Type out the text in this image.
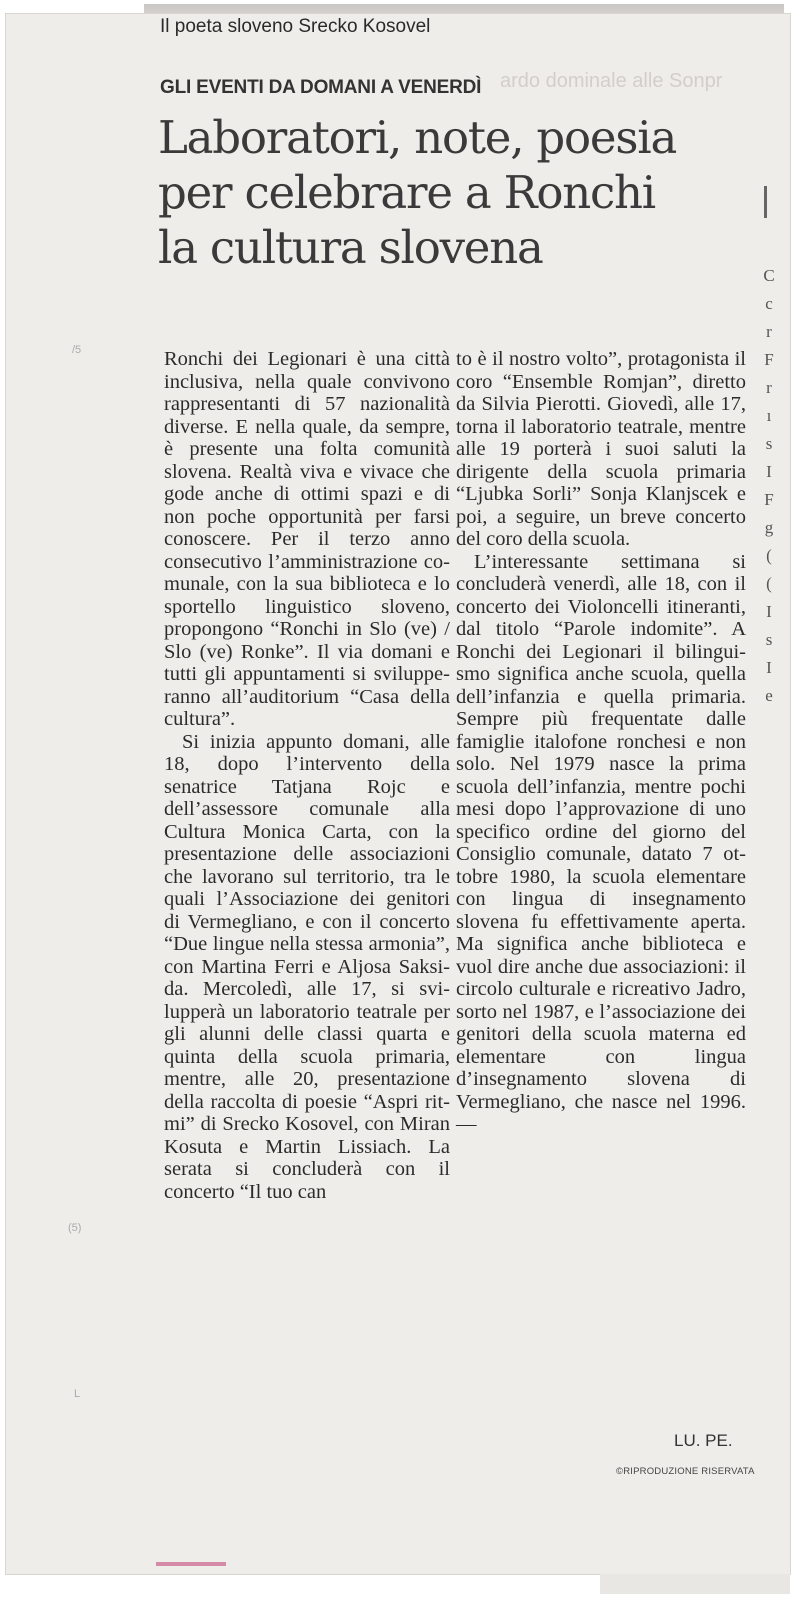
Il poeta sloveno Srecko Kosovel
ardo dominale alle Sonpr
C
c
r
F
r
ı
s
I
F
g
(
(
I
s
I
e
/5
(5)
L
GLI EVENTI DA DOMANI A VENERDÌ
Laboratori, note, poesia
per celebrare a Ronchi
la cultura slovena

Ronchi dei Legionari è una città inclusiva, nella quale convivono rappresentanti di 57 nazionalità diverse. E nella quale, da sempre, è presente una folta comunità slovena. Realtà viva e vivace che gode anche di ottimi spazi e di non poche opportunità per farsi conoscere. Per il terzo anno consecutivo l’amministrazione comunale, con la sua biblioteca e lo sportello linguistico sloveno, propongono “Ronchi in Slo (ve) / Slo (ve) Ronke”. Il via domani e tutti gli appuntamenti si svilupperanno all’auditorium “Casa della cultura”.

Si inizia appunto domani, alle 18, dopo l’intervento della senatrice Tatjana Rojc e dell’assessore comunale alla Cultura Monica Carta, con la presentazione delle associazioni che lavorano sul territorio, tra le quali l’Associazione dei genitori di Vermegliano, e con il concerto “Due lingue nella stessa armonia”, con Martina Ferri e Aljosa Saksida. Mercoledì, alle 17, si svilupperà un laboratorio teatrale per gli alunni delle classi quarta e quinta della scuola primaria, mentre, alle 20, presentazione della raccolta di poesie “Aspri ritmi” di Srecko Kosovel, con Miran Kosuta e Martin Lissiach. La serata si concluderà con il concerto “Il tuo can

to è il nostro volto”, protagonista il coro “Ensemble Romjan”, diretto da Silvia Pierotti. Giovedì, alle 17, torna il laboratorio teatrale, mentre alle 19 porterà i suoi saluti la dirigente della scuola primaria “Ljubka Sorli” Sonja Klanjscek e poi, a seguire, un breve concerto del coro della scuola.

L’interessante settimana si concluderà venerdì, alle 18, con il concerto dei Violoncelli itineranti, dal titolo “Parole indomite”. A Ronchi dei Legionari il bilinguismo significa anche scuola, quella dell’infanzia e quella primaria. Sempre più frequentate dalle famiglie italofone ronchesi e non solo. Nel 1979 nasce la prima scuola dell’infanzia, mentre pochi mesi dopo l’approvazione di uno specifico ordine del giorno del Consiglio comunale, datato 7 ottobre 1980, la scuola elementare con lingua di insegnamento slovena fu effettivamente aperta. Ma significa anche biblioteca e vuol dire anche due associazioni: il circolo culturale e ricreativo Jadro, sorto nel 1987, e l’associazione dei genitori della scuola materna ed elementare con lingua d’insegnamento slovena di Vermegliano, che nasce nel 1996. —

LU. PE.
©RIPRODUZIONE RISERVATA
